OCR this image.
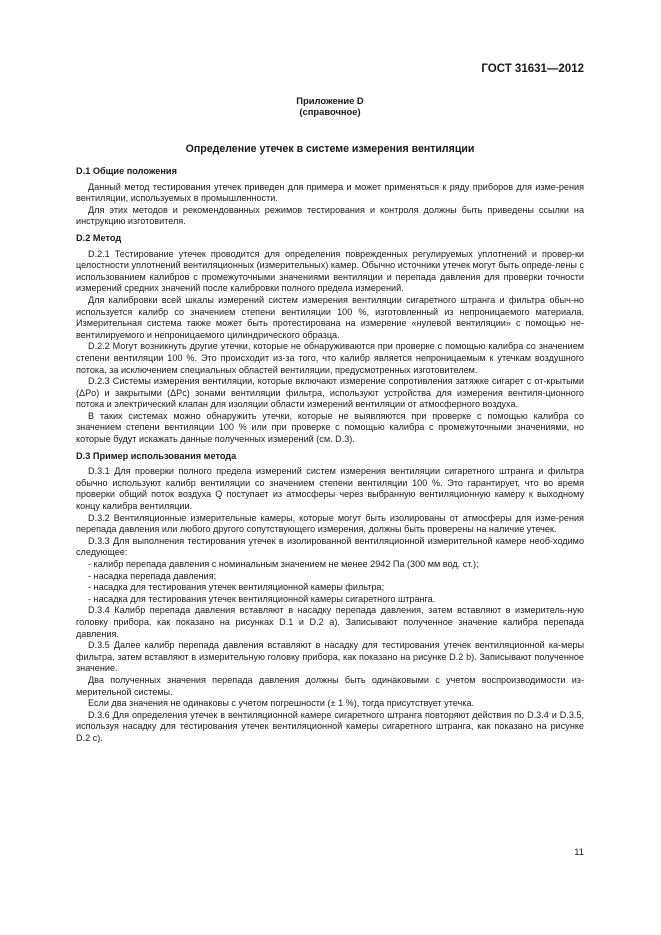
ГОСТ 31631—2012
Приложение D
(справочное)
Определение утечек в системе измерения вентиляции
D.1 Общие положения

Данный метод тестирования утечек приведен для примера и может применяться к ряду приборов для изме-рения вентиляции, используемых в промышленности.

Для этих методов и рекомендованных режимов тестирования и контроля должны быть приведены ссылки на инструкцию изготовителя.

D.2 Метод

D.2.1 Тестирование утечек проводится для определения поврежденных регулируемых уплотнений и провер-ки целостности уплотнений вентиляционных (измерительных) камер. Обычно источники утечек могут быть опреде-лены с использованием калибров с промежуточными значениями вентиляции и перепада давления для проверки точности измерений средних значений после калибровки полного предела измерений.

Для калибровки всей шкалы измерений систем измерения вентиляции сигаретного штранга и фильтра обыч-но используется калибр со значением степени вентиляции 100 %, изготовленный из непроницаемого материала. Измерительная система также может быть протестирована на измерение «нулевой вентиляции» с помощью не-вентилируемого и непроницаемого цилиндрического образца.

D.2.2 Могут возникнуть другие утечки, которые не обнаруживаются при проверке с помощью калибра со значением степени вентиляции 100 %. Это происходит из-за того, что калибр является непроницаемым к утечкам воздушного потока, за исключением специальных областей вентиляции, предусмотренных изготовителем.

D.2.3 Системы измерения вентиляции, которые включают измерение сопротивления затяжке сигарет с от-крытыми (ΔPo) и закрытыми (ΔPc) зонами вентиляции фильтра, используют устройства для измерения вентиля-ционного потока и электрический клапан для изоляции области измерений вентиляции от атмосферного воздуха.

В таких системах можно обнаружить утечки, которые не выявляются при проверке с помощью калибра со значением степени вентиляции 100 % или при проверке с помощью калибра с промежуточными значениями, но которые будут искажать данные полученных измерений (см. D.3).

D.3 Пример использования метода

D.3.1 Для проверки полного предела измерений систем измерения вентиляции сигаретного штранга и фильтра обычно используют калибр вентиляции со значением степени вентиляции 100 %. Это гарантирует, что во время проверки общий поток воздуха Q поступает из атмосферы через выбранную вентиляционную камеру к выходному концу калибра вентиляции.

D.3.2 Вентиляционные измерительные камеры, которые могут быть изолированы от атмосферы для изме-рения перепада давления или любого другого сопутствующего измерения, должны быть проверены на наличие утечек.

D.3.3 Для выполнения тестирования утечек в изолированной вентиляционной измерительной камере необ-ходимо следующее:

- калибр перепада давления с номинальным значением не менее 2942 Па (300 мм вод. ст.);

- насадка перепада давления;

- насадка для тестирования утечек вентиляционной камеры фильтра;

- насадка для тестирования утечек вентиляционной камеры сигаретного штранга.

D.3.4 Калибр перепада давления вставляют в насадку перепада давления, затем вставляют в измеритель-ную головку прибора, как показано на рисунках D.1 и D.2 а). Записывают полученное значение калибра перепада давления.

D.3.5 Далее калибр перепада давления вставляют в насадку для тестирования утечек вентиляционной ка-меры фильтра, затем вставляют в измерительную головку прибора, как показано на рисунке D.2 b). Записывают полученное значение.

Два полученных значения перепада давления должны быть одинаковыми с учетом воспроизводимости из-мерительной системы.

Если два значения не одинаковы с учетом погрешности (± 1 %), тогда присутствует утечка.

D.3.6 Для определения утечек в вентиляционной камере сигаретного штранга повторяют действия по D.3.4 и D.3.5, используя насадку для тестирования утечек вентиляционной камеры сигаретного штранга, как показано на рисунке D.2 с).

11
